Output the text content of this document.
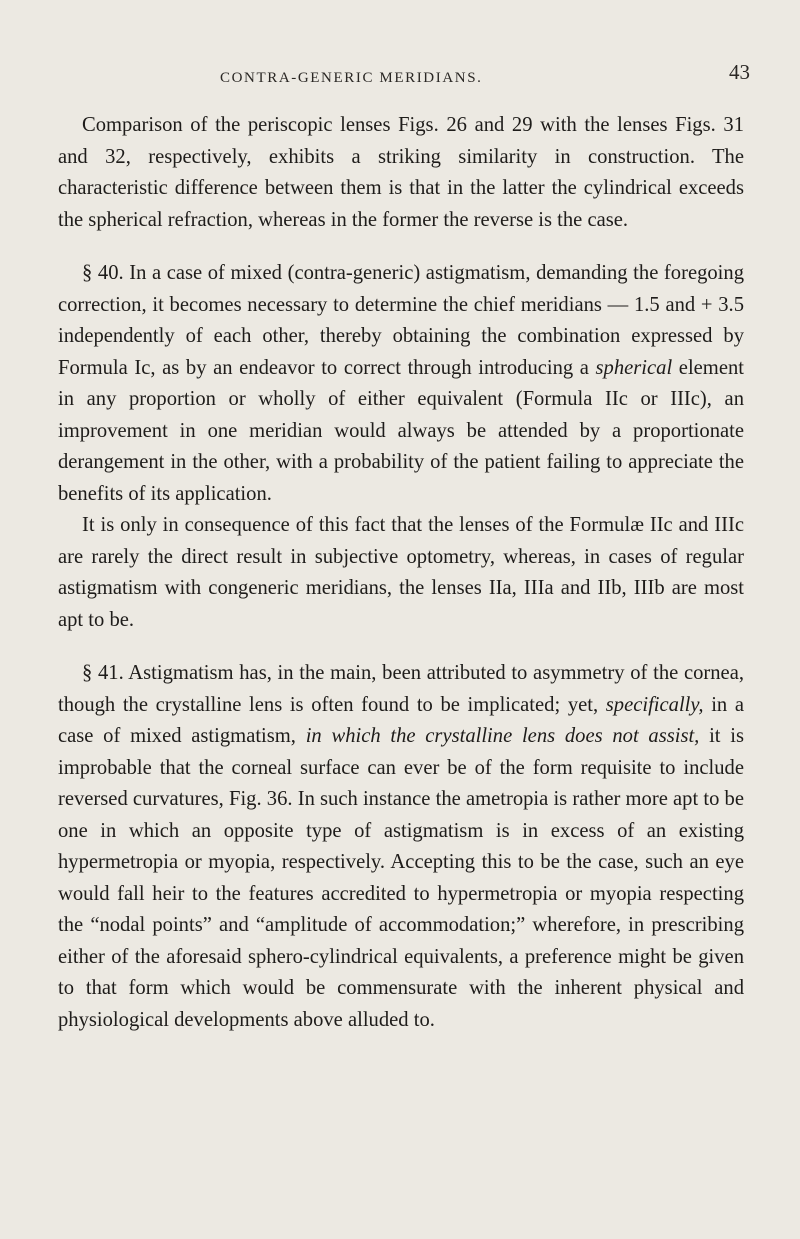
CONTRA-GENERIC MERIDIANS.	43

Comparison of the periscopic lenses Figs. 26 and 29 with the lenses Figs. 31 and 32, respectively, exhibits a striking similarity in construction. The characteristic difference between them is that in the latter the cylindrical exceeds the spherical refraction, whereas in the former the reverse is the case.

§ 40. In a case of mixed (contra-generic) astigmatism, demanding the foregoing correction, it becomes necessary to determine the chief meridians — 1.5 and + 3.5 independently of each other, thereby obtaining the combination expressed by Formula Ic, as by an endeavor to correct through introducing a spherical element in any proportion or wholly of either equivalent (Formula IIc or IIIc), an improvement in one meridian would always be attended by a proportionate derangement in the other, with a probability of the patient failing to appreciate the benefits of its application.

It is only in consequence of this fact that the lenses of the Formulæ IIc and IIIc are rarely the direct result in subjective optometry, whereas, in cases of regular astigmatism with congeneric meridians, the lenses IIa, IIIa and IIb, IIIb are most apt to be.

§ 41. Astigmatism has, in the main, been attributed to asymmetry of the cornea, though the crystalline lens is often found to be implicated; yet, specifically, in a case of mixed astigmatism, in which the crystalline lens does not assist, it is improbable that the corneal surface can ever be of the form requisite to include reversed curvatures, Fig. 36. In such instance the ametropia is rather more apt to be one in which an opposite type of astigmatism is in excess of an existing hypermetropia or myopia, respectively. Accepting this to be the case, such an eye would fall heir to the features accredited to hypermetropia or myopia respecting the “nodal points” and “amplitude of accommodation;” wherefore, in prescribing either of the aforesaid sphero-cylindrical equivalents, a preference might be given to that form which would be commensurate with the inherent physical and physiological developments above alluded to.
